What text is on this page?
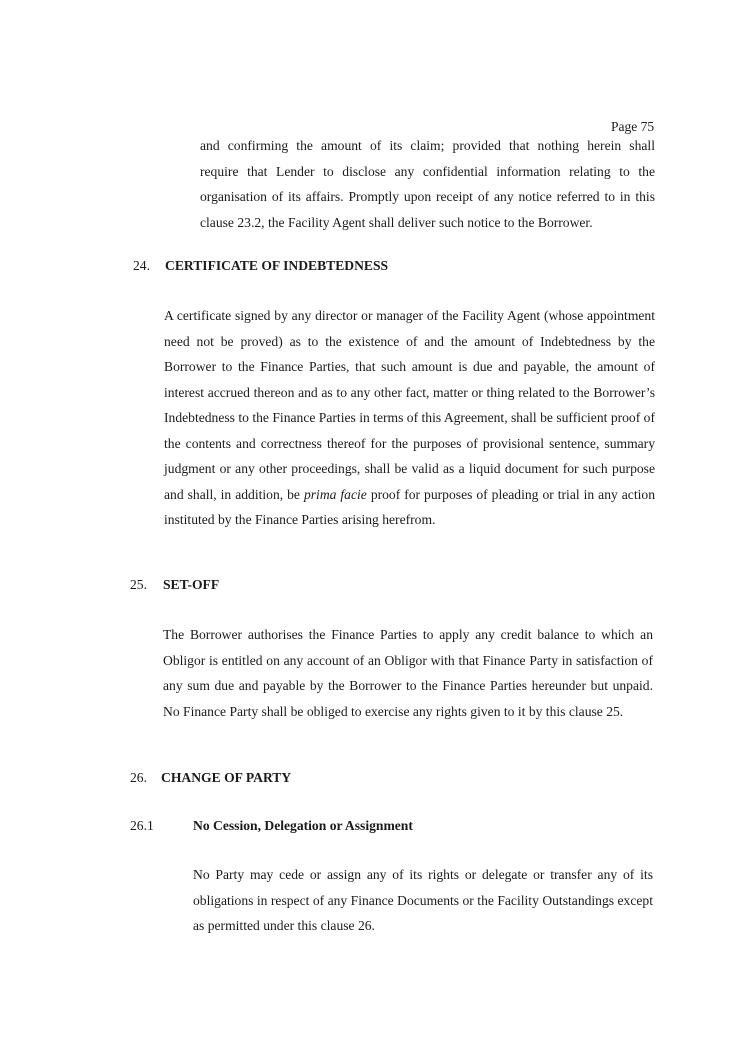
Page 75
and confirming the amount of its claim; provided that nothing herein shall
require that Lender to disclose any confidential information relating to the
organisation of its affairs. Promptly upon receipt of any notice referred to in this
clause 23.2, the Facility Agent shall deliver such notice to the Borrower.
24. CERTIFICATE OF INDEBTEDNESS

A certificate signed by any director or manager of the Facility Agent (whose appointment need not be proved) as to the existence of and the amount of Indebtedness by the Borrower to the Finance Parties, that such amount is due and payable, the amount of interest accrued thereon and as to any other fact, matter or thing related to the Borrower’s Indebtedness to the Finance Parties in terms of this Agreement, shall be sufficient proof of the contents and correctness thereof for the purposes of provisional sentence, summary judgment or any other proceedings, shall be valid as a liquid document for such purpose and shall, in addition, be prima facie proof for purposes of pleading or trial in any action instituted by the Finance Parties arising herefrom.

25. SET-OFF

The Borrower authorises the Finance Parties to apply any credit balance to which an Obligor is entitled on any account of an Obligor with that Finance Party in satisfaction of any sum due and payable by the Borrower to the Finance Parties hereunder but unpaid. No Finance Party shall be obliged to exercise any rights given to it by this clause 25.

26. CHANGE OF PARTY
26.1	No Cession, Delegation or Assignment

No Party may cede or assign any of its rights or delegate or transfer any of its obligations in respect of any Finance Documents or the Facility Outstandings except as permitted under this clause 26.
